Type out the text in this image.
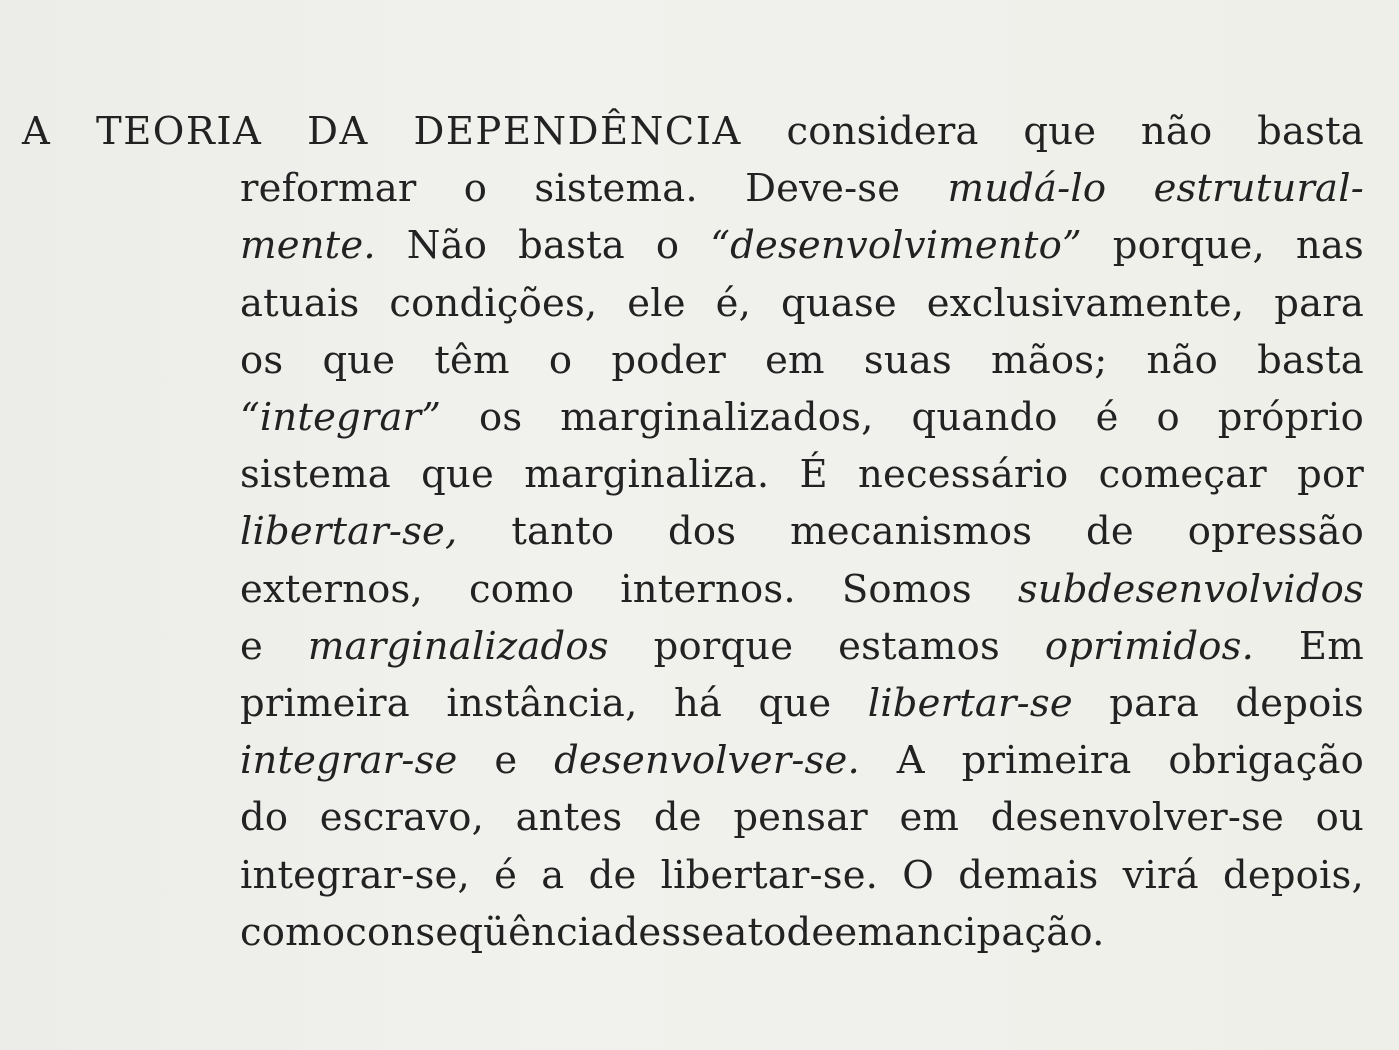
A TEORIA DA DEPENDÊNCIA considera que não basta
reformar o sistema. Deve-se mudá-lo estrutural-
mente. Não basta o “desenvolvimento” porque, nas
atuais condições, ele é, quase exclusivamente, para
os que têm o poder em suas mãos; não basta
“integrar” os marginalizados, quando é o próprio
sistema que marginaliza. É necessário começar por
libertar-se, tanto dos mecanismos de opressão
externos, como internos. Somos subdesenvolvidos
e marginalizados porque estamos oprimidos. Em
primeira instância, há que libertar-se para depois
integrar-se e desenvolver-se. A primeira obrigação
do escravo, antes de pensar em desenvolver-se ou
integrar-se, é a de libertar-se. O demais virá depois,
como conseqüência desse ato de emancipação.
